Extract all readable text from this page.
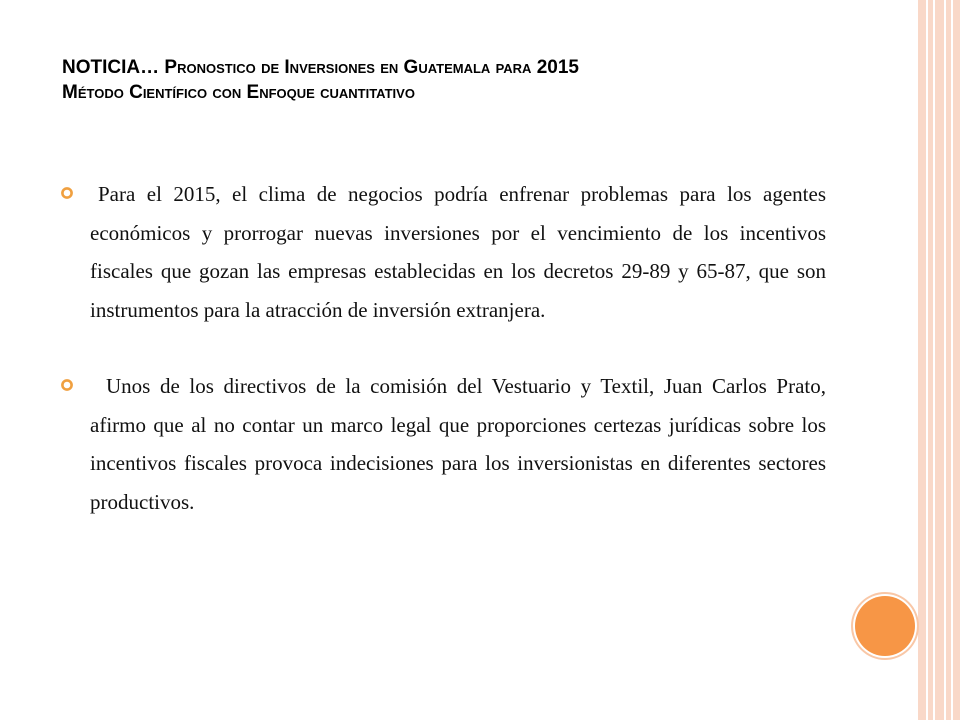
NOTICIA… Pronostico de Inversiones en Guatemala para 2015
Método Científico con Enfoque cuantitativo

Para el 2015, el clima de negocios podría enfrenar problemas para los agentes económicos y prorrogar nuevas inversiones por el vencimiento de los incentivos fiscales que gozan las empresas establecidas en los decretos 29-89 y 65-87, que son instrumentos para la atracción de inversión extranjera.

Unos de los directivos de la comisión del Vestuario y Textil, Juan Carlos Prato, afirmo que al no contar un marco legal que proporciones certezas jurídicas sobre los incentivos fiscales provoca indecisiones para los inversionistas en diferentes sectores productivos.
